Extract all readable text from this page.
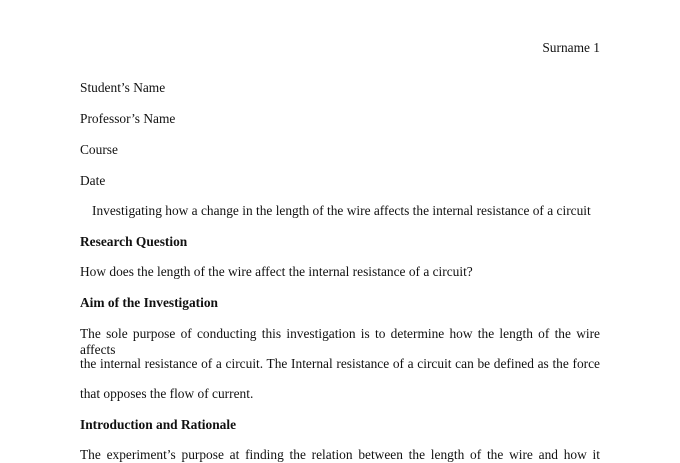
Surname 1

Student’s Name

Professor’s Name

Course

Date

Investigating how a change in the length of the wire affects the internal resistance of a circuit

Research Question

How does the length of the wire affect the internal resistance of a circuit?

Aim of the Investigation

The sole purpose of conducting this investigation is to determine how the length of the wire affects

the internal resistance of a circuit. The Internal resistance of a circuit can be defined as the force

that opposes the flow of current.

Introduction and Rationale

The experiment’s purpose at finding the relation between the length of the wire and how it
